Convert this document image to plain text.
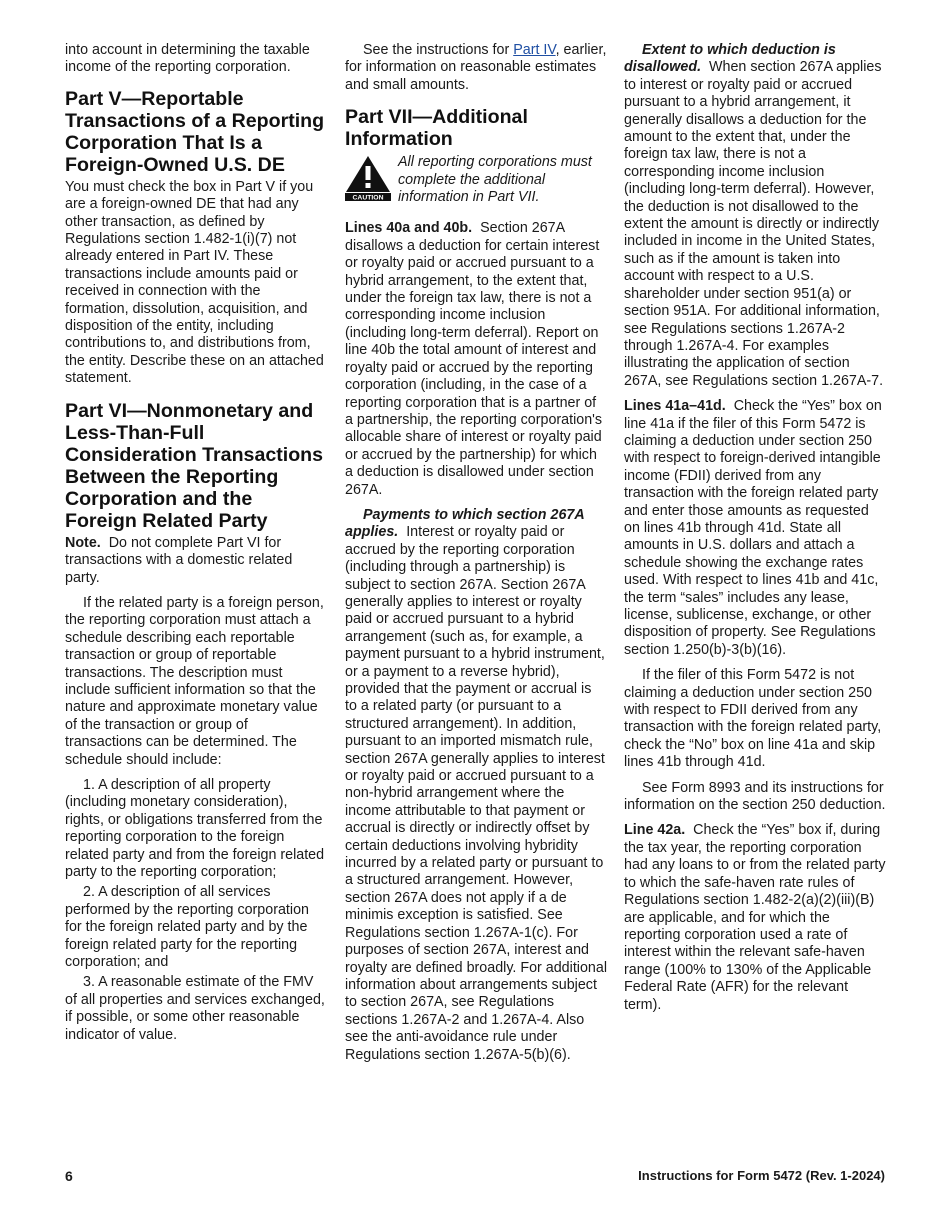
into account in determining the taxable income of the reporting corporation.

Part V—Reportable Transactions of a Reporting Corporation That Is a Foreign-Owned U.S. DE

You must check the box in Part V if you are a foreign-owned DE that had any other transaction, as defined by Regulations section 1.482-1(i)(7) not already entered in Part IV. These transactions include amounts paid or received in connection with the formation, dissolution, acquisition, and disposition of the entity, including contributions to, and distributions from, the entity. Describe these on an attached statement.

Part VI—Nonmonetary and Less-Than-Full Consideration Transactions Between the Reporting Corporation and the Foreign Related Party

Note. Do not complete Part VI for transactions with a domestic related party.

If the related party is a foreign person, the reporting corporation must attach a schedule describing each reportable transaction or group of reportable transactions. The description must include sufficient information so that the nature and approximate monetary value of the transaction or group of transactions can be determined. The schedule should include:

1. A description of all property (including monetary consideration), rights, or obligations transferred from the reporting corporation to the foreign related party and from the foreign related party to the reporting corporation;

2. A description of all services performed by the reporting corporation for the foreign related party and by the foreign related party for the reporting corporation; and

3. A reasonable estimate of the FMV of all properties and services exchanged, if possible, or some other reasonable indicator of value.

See the instructions for Part IV, earlier, for information on reasonable estimates and small amounts.

Part VII—Additional Information
CAUTION
All reporting corporations must complete the additional information in Part VII.

Lines 40a and 40b. Section 267A disallows a deduction for certain interest or royalty paid or accrued pursuant to a hybrid arrangement, to the extent that, under the foreign tax law, there is not a corresponding income inclusion (including long-term deferral). Report on line 40b the total amount of interest and royalty paid or accrued by the reporting corporation (including, in the case of a reporting corporation that is a partner of a partnership, the reporting corporation's allocable share of interest or royalty paid or accrued by the partnership) for which a deduction is disallowed under section 267A.

Payments to which section 267A applies. Interest or royalty paid or accrued by the reporting corporation (including through a partnership) is subject to section 267A. Section 267A generally applies to interest or royalty paid or accrued pursuant to a hybrid arrangement (such as, for example, a payment pursuant to a hybrid instrument, or a payment to a reverse hybrid), provided that the payment or accrual is to a related party (or pursuant to a structured arrangement). In addition, pursuant to an imported mismatch rule, section 267A generally applies to interest or royalty paid or accrued pursuant to a non-hybrid arrangement where the income attributable to that payment or accrual is directly or indirectly offset by certain deductions involving hybridity incurred by a related party or pursuant to a structured arrangement. However, section 267A does not apply if a de minimis exception is satisfied. See Regulations section 1.267A-1(c). For purposes of section 267A, interest and royalty are defined broadly. For additional information about arrangements subject to section 267A, see Regulations sections 1.267A-2 and 1.267A-4. Also see the anti-avoidance rule under Regulations section 1.267A-5(b)(6).

Extent to which deduction is disallowed. When section 267A applies to interest or royalty paid or accrued pursuant to a hybrid arrangement, it generally disallows a deduction for the amount to the extent that, under the foreign tax law, there is not a corresponding income inclusion (including long-term deferral). However, the deduction is not disallowed to the extent the amount is directly or indirectly included in income in the United States, such as if the amount is taken into account with respect to a U.S. shareholder under section 951(a) or section 951A. For additional information, see Regulations sections 1.267A-2 through 1.267A-4. For examples illustrating the application of section 267A, see Regulations section 1.267A-7.

Lines 41a–41d. Check the “Yes” box on line 41a if the filer of this Form 5472 is claiming a deduction under section 250 with respect to foreign-derived intangible income (FDII) derived from any transaction with the foreign related party and enter those amounts as requested on lines 41b through 41d. State all amounts in U.S. dollars and attach a schedule showing the exchange rates used. With respect to lines 41b and 41c, the term “sales” includes any lease, license, sublicense, exchange, or other disposition of property. See Regulations section 1.250(b)-3(b)(16).

If the filer of this Form 5472 is not claiming a deduction under section 250 with respect to FDII derived from any transaction with the foreign related party, check the “No” box on line 41a and skip lines 41b through 41d.

See Form 8993 and its instructions for information on the section 250 deduction.

Line 42a. Check the “Yes” box if, during the tax year, the reporting corporation had any loans to or from the related party to which the safe-haven rate rules of Regulations section 1.482-2(a)(2)(iii)(B) are applicable, and for which the reporting corporation used a rate of interest within the relevant safe-haven range (100% to 130% of the Applicable Federal Rate (AFR) for the relevant term).

6	Instructions for Form 5472 (Rev. 1-2024)
